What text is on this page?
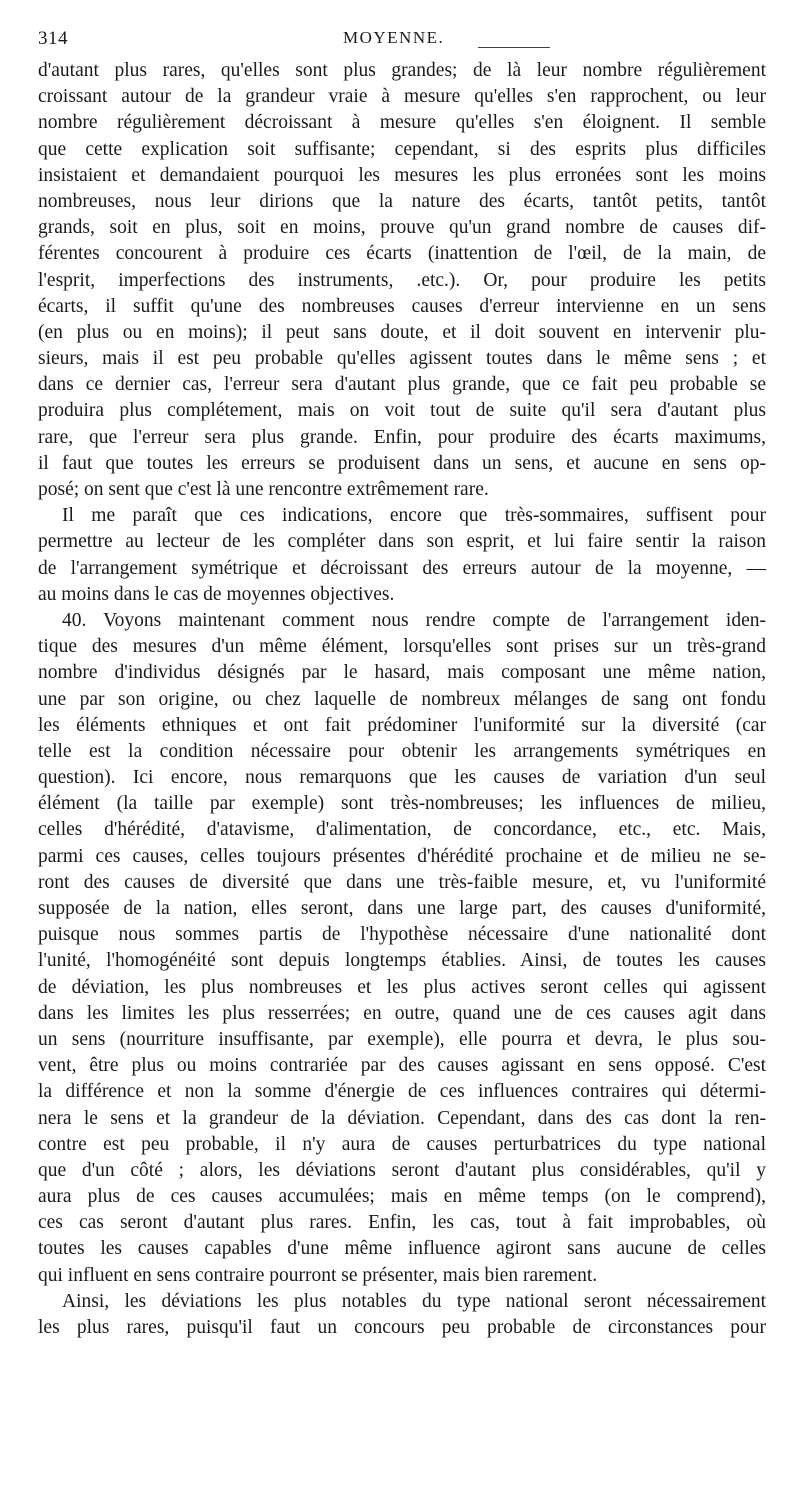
314	MOYENNE.
d'autant plus rares, qu'elles sont plus grandes; de là leur nombre régulièrement
croissant autour de la grandeur vraie à mesure qu'elles s'en rapprochent, ou leur
nombre régulièrement décroissant à mesure qu'elles s'en éloignent. Il semble
que cette explication soit suffisante; cependant, si des esprits plus difficiles
insistaient et demandaient pourquoi les mesures les plus erronées sont les moins
nombreuses, nous leur dirions que la nature des écarts, tantôt petits, tantôt
grands, soit en plus, soit en moins, prouve qu'un grand nombre de causes dif-
férentes concourent à produire ces écarts (inattention de l'œil, de la main, de
l'esprit, imperfections des instruments, .etc.). Or, pour produire les petits
écarts, il suffit qu'une des nombreuses causes d'erreur intervienne en un sens
(en plus ou en moins); il peut sans doute, et il doit souvent en intervenir plu-
sieurs, mais il est peu probable qu'elles agissent toutes dans le même sens ; et
dans ce dernier cas, l'erreur sera d'autant plus grande, que ce fait peu probable se
produira plus complétement, mais on voit tout de suite qu'il sera d'autant plus
rare, que l'erreur sera plus grande. Enfin, pour produire des écarts maximums,
il faut que toutes les erreurs se produisent dans un sens, et aucune en sens op-
posé; on sent que c'est là une rencontre extrêmement rare.
Il me paraît que ces indications, encore que très-sommaires, suffisent pour
permettre au lecteur de les compléter dans son esprit, et lui faire sentir la raison
de l'arrangement symétrique et décroissant des erreurs autour de la moyenne, —
au moins dans le cas de moyennes objectives.
40. Voyons maintenant comment nous rendre compte de l'arrangement iden-
tique des mesures d'un même élément, lorsqu'elles sont prises sur un très-grand
nombre d'individus désignés par le hasard, mais composant une même nation,
une par son origine, ou chez laquelle de nombreux mélanges de sang ont fondu
les éléments ethniques et ont fait prédominer l'uniformité sur la diversité (car
telle est la condition nécessaire pour obtenir les arrangements symétriques en
question). Ici encore, nous remarquons que les causes de variation d'un seul
élément (la taille par exemple) sont très-nombreuses; les influences de milieu,
celles d'hérédité, d'atavisme, d'alimentation, de concordance, etc., etc. Mais,
parmi ces causes, celles toujours présentes d'hérédité prochaine et de milieu ne se-
ront des causes de diversité que dans une très-faible mesure, et, vu l'uniformité
supposée de la nation, elles seront, dans une large part, des causes d'uniformité,
puisque nous sommes partis de l'hypothèse nécessaire d'une nationalité dont
l'unité, l'homogénéité sont depuis longtemps établies. Ainsi, de toutes les causes
de déviation, les plus nombreuses et les plus actives seront celles qui agissent
dans les limites les plus resserrées; en outre, quand une de ces causes agit dans
un sens (nourriture insuffisante, par exemple), elle pourra et devra, le plus sou-
vent, être plus ou moins contrariée par des causes agissant en sens opposé. C'est
la différence et non la somme d'énergie de ces influences contraires qui détermi-
nera le sens et la grandeur de la déviation. Cependant, dans des cas dont la ren-
contre est peu probable, il n'y aura de causes perturbatrices du type national
que d'un côté ; alors, les déviations seront d'autant plus considérables, qu'il y
aura plus de ces causes accumulées; mais en même temps (on le comprend),
ces cas seront d'autant plus rares. Enfin, les cas, tout à fait improbables, où
toutes les causes capables d'une même influence agiront sans aucune de celles
qui influent en sens contraire pourront se présenter, mais bien rarement.
Ainsi, les déviations les plus notables du type national seront nécessairement
les plus rares, puisqu'il faut un concours peu probable de circonstances pour
